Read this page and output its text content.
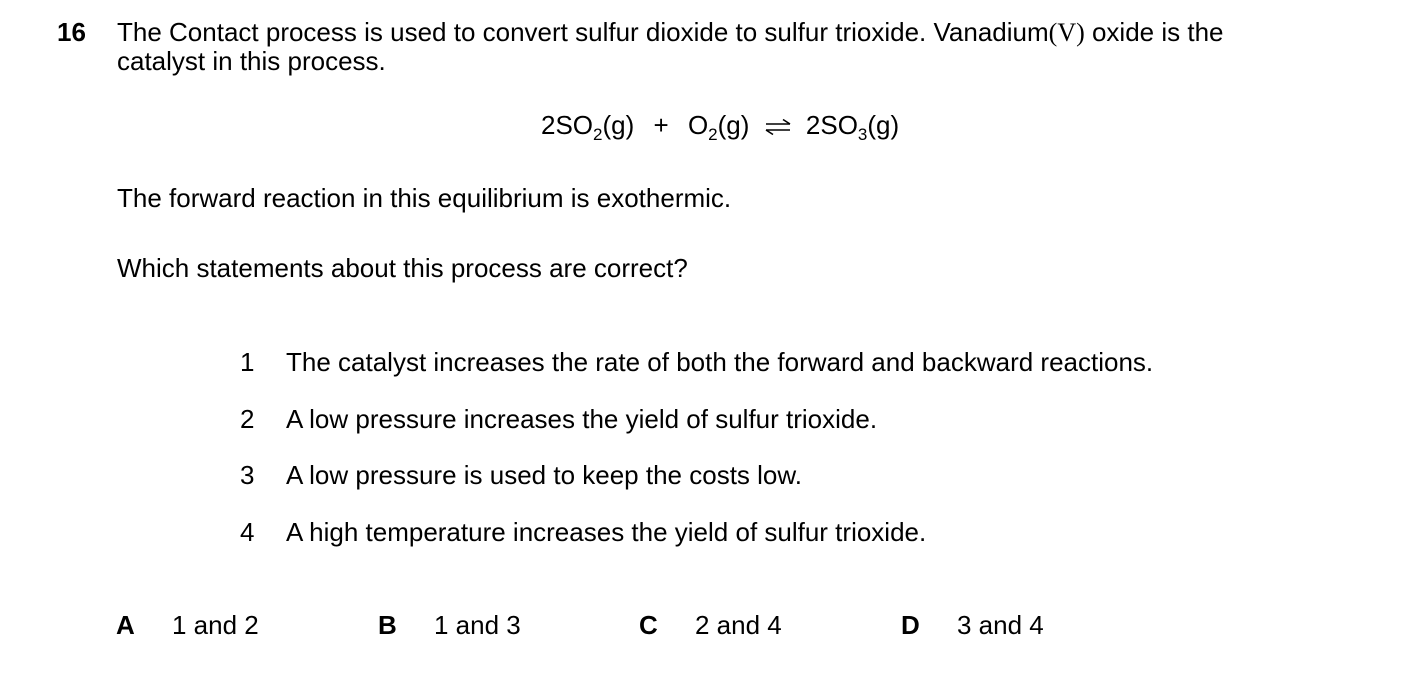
16 The Contact process is used to convert sulfur dioxide to sulfur trioxide. Vanadium(V) oxide is the
catalyst in this process.
$2SO_2(g) + O_2(g)$ ⇌ $2SO_3(g)$
The forward reaction in this equilibrium is exothermic.
Which statements about this process are correct?
1 The catalyst increases the rate of both the forward and backward reactions.
2 A low pressure increases the yield of sulfur trioxide.
3 A low pressure is used to keep the costs low.
4 A high temperature increases the yield of sulfur trioxide.
A 1 and 2	B 1 and 3	C 2 and 4	D 3 and 4
